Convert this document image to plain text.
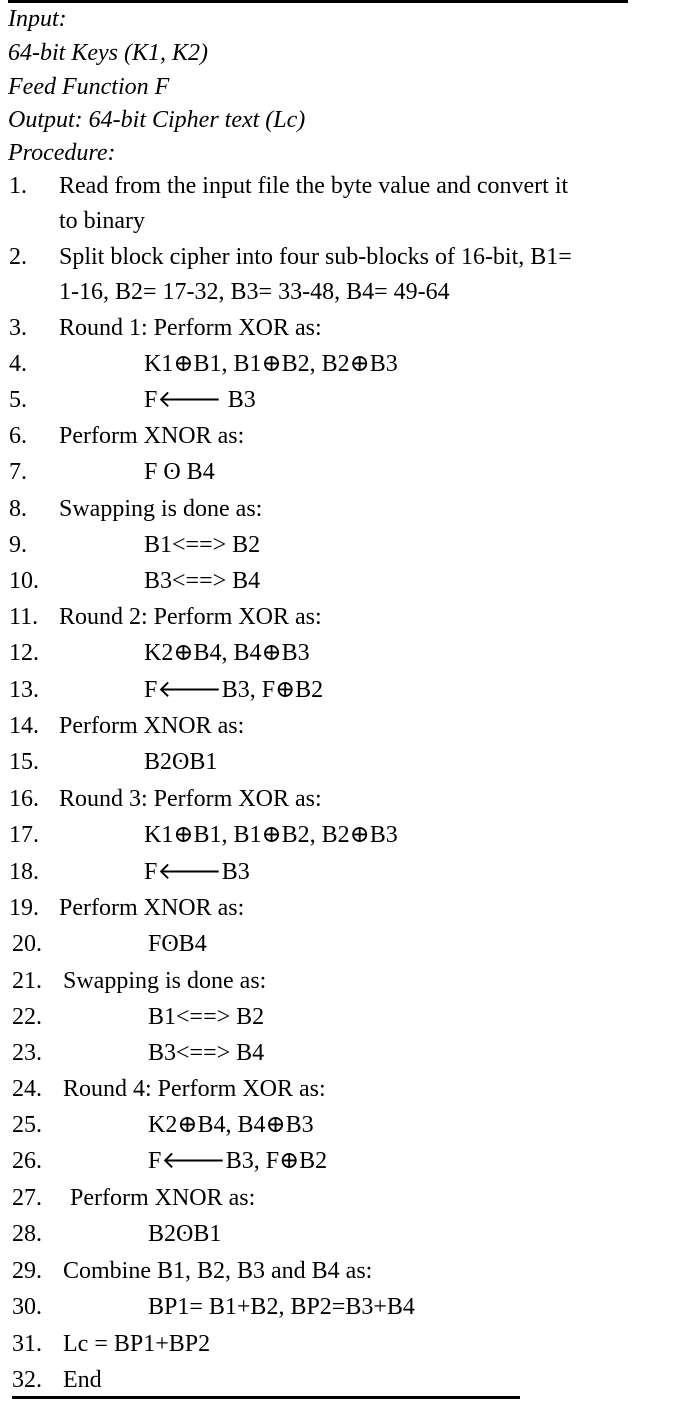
Input:
64-bit Keys (K1, K2)
Feed Function F
Output: 64-bit Cipher text (Lc)
Procedure:
1. Read from the input file the byte value and convert it
to binary
2. Split block cipher into four sub-blocks of 16-bit, B1=
1-16, B2= 17-32, B3= 33-48, B4= 49-64
3. Round 1: Perform XOR as:
4.	K1⊕B1, B1⊕B2, B2⊕B3
5.	F🡐 B3
6. Perform XNOR as:
7.	F ʘ B4
8. Swapping is done as:
9.	B1<==> B2
10.	B3<==> B4
11. Round 2: Perform XOR as:
12.	K2⊕B4, B4⊕B3
13.	F🡐B3, F⊕B2
14. Perform XNOR as:
15.	B2ʘB1
16. Round 3: Perform XOR as:
17.	K1⊕B1, B1⊕B2, B2⊕B3
18.	F🡐B3
19. Perform XNOR as:
20.	FʘB4
21. Swapping is done as:
22.	B1<==> B2
23.	B3<==> B4
24. Round 4: Perform XOR as:
25.	K2⊕B4, B4⊕B3
26.	F🡐B3, F⊕B2
27. Perform XNOR as:
28.	B2ʘB1
29. Combine B1, B2, B3 and B4 as:
30.	BP1= B1+B2, BP2=B3+B4
31. Lc = BP1+BP2
32. End
